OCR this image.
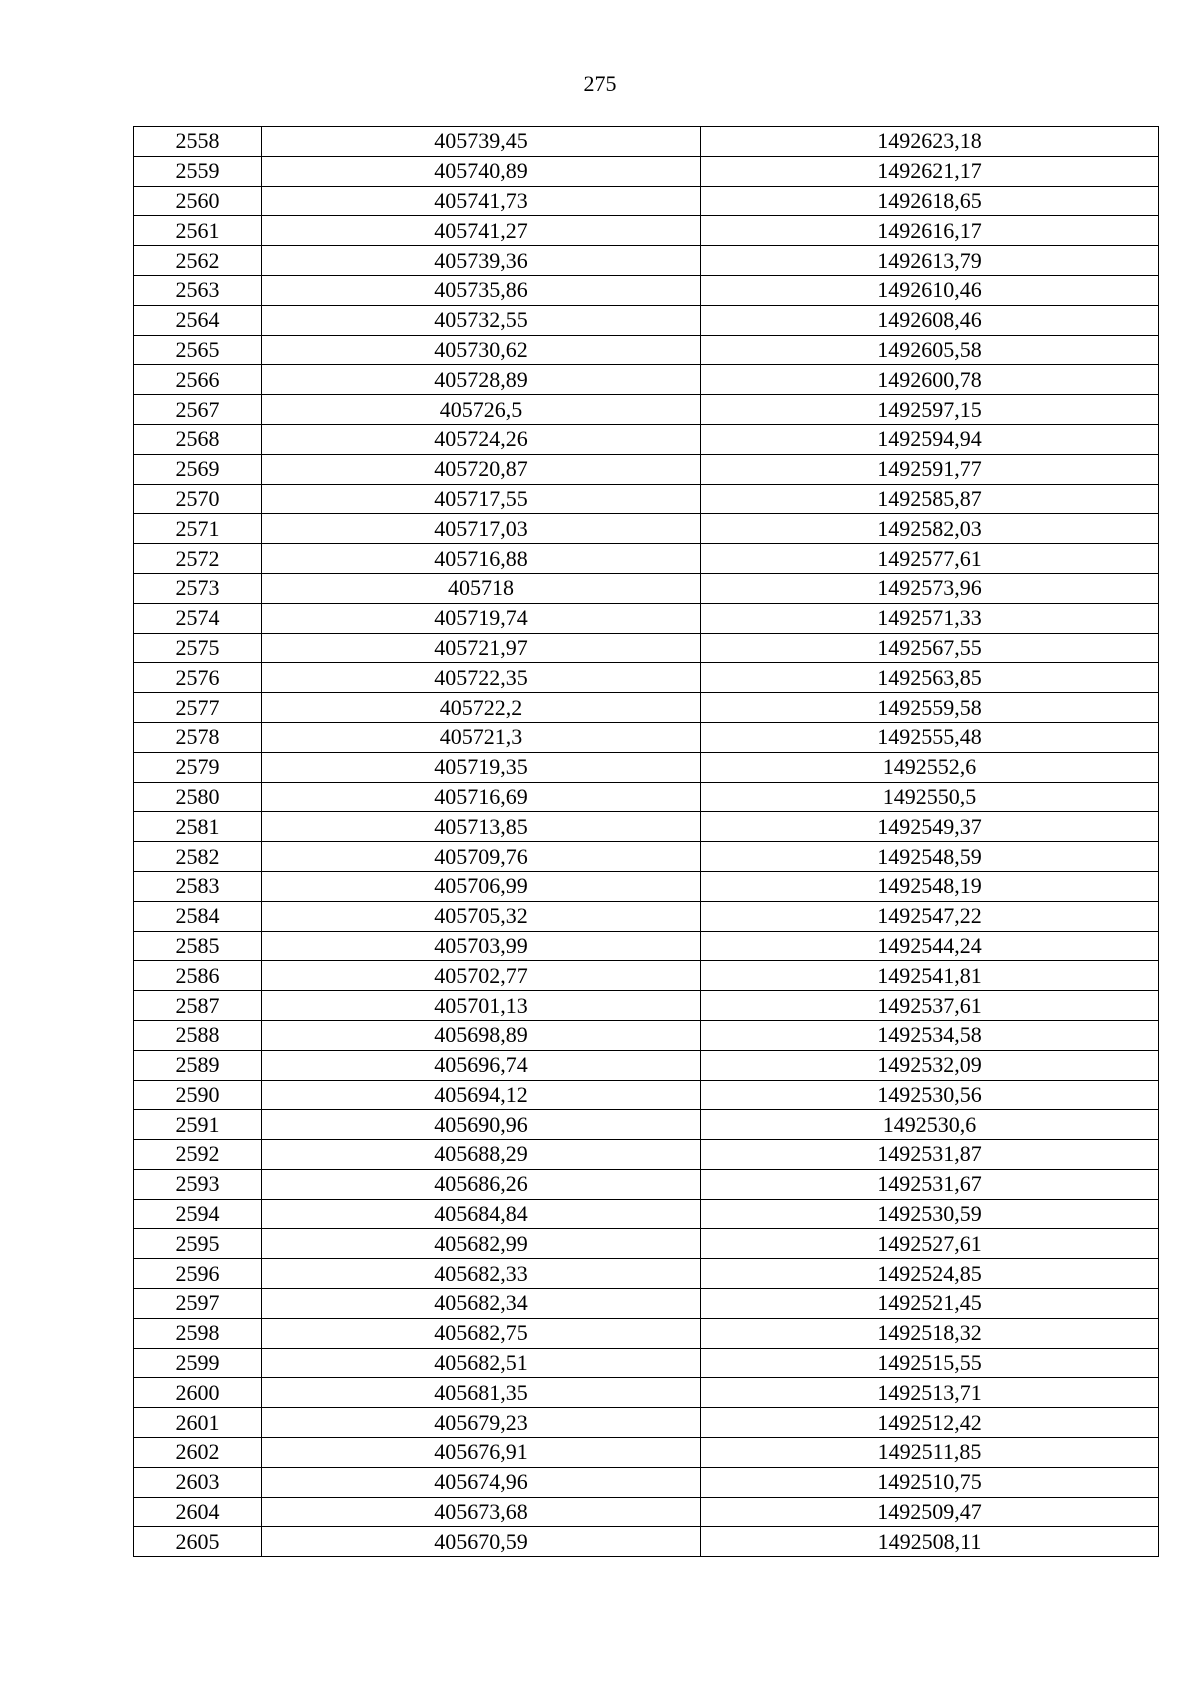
275
2558	405739,45	1492623,18
2559	405740,89	1492621,17
2560	405741,73	1492618,65
2561	405741,27	1492616,17
2562	405739,36	1492613,79
2563	405735,86	1492610,46
2564	405732,55	1492608,46
2565	405730,62	1492605,58
2566	405728,89	1492600,78
2567	405726,5	1492597,15
2568	405724,26	1492594,94
2569	405720,87	1492591,77
2570	405717,55	1492585,87
2571	405717,03	1492582,03
2572	405716,88	1492577,61
2573	405718	1492573,96
2574	405719,74	1492571,33
2575	405721,97	1492567,55
2576	405722,35	1492563,85
2577	405722,2	1492559,58
2578	405721,3	1492555,48
2579	405719,35	1492552,6
2580	405716,69	1492550,5
2581	405713,85	1492549,37
2582	405709,76	1492548,59
2583	405706,99	1492548,19
2584	405705,32	1492547,22
2585	405703,99	1492544,24
2586	405702,77	1492541,81
2587	405701,13	1492537,61
2588	405698,89	1492534,58
2589	405696,74	1492532,09
2590	405694,12	1492530,56
2591	405690,96	1492530,6
2592	405688,29	1492531,87
2593	405686,26	1492531,67
2594	405684,84	1492530,59
2595	405682,99	1492527,61
2596	405682,33	1492524,85
2597	405682,34	1492521,45
2598	405682,75	1492518,32
2599	405682,51	1492515,55
2600	405681,35	1492513,71
2601	405679,23	1492512,42
2602	405676,91	1492511,85
2603	405674,96	1492510,75
2604	405673,68	1492509,47
2605	405670,59	1492508,11
